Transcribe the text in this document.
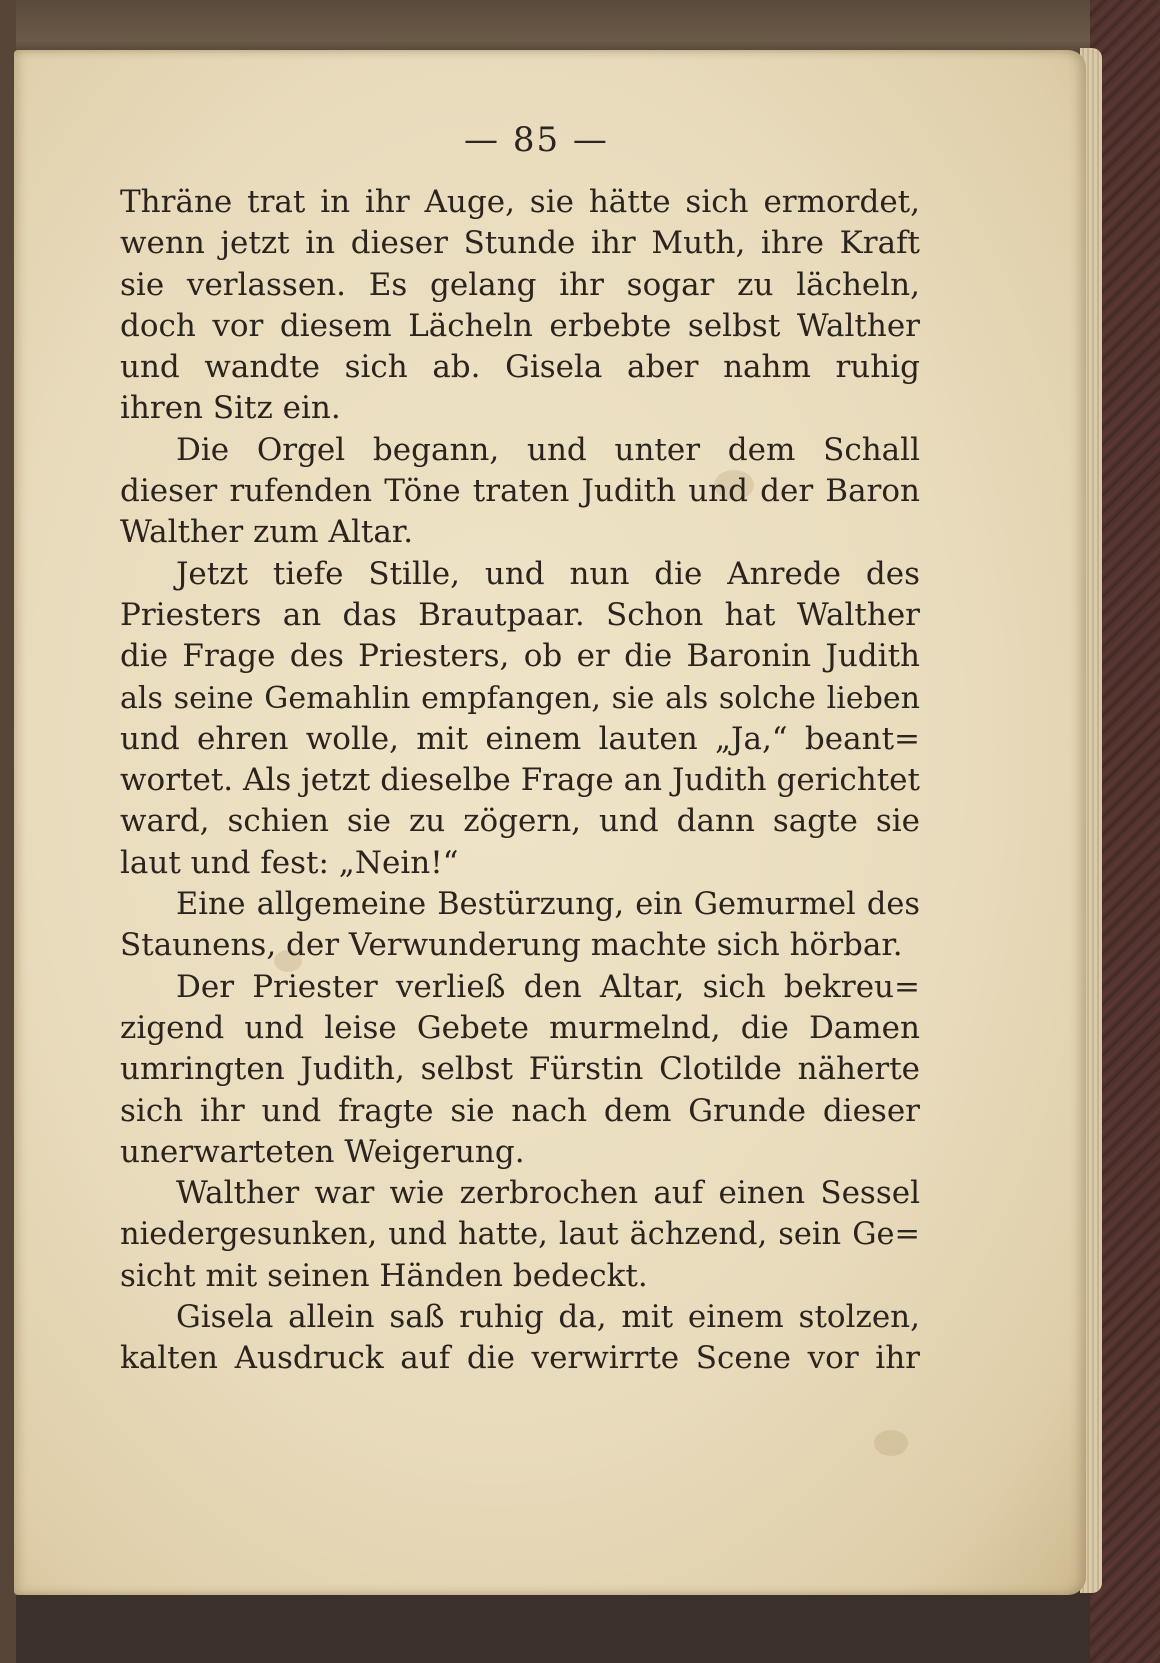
— 85 —
Thräne trat in ihr Auge, sie hätte sich ermordet,
wenn jetzt in dieser Stunde ihr Muth, ihre Kraft
sie verlassen. Es gelang ihr sogar zu lächeln,
doch vor diesem Lächeln erbebte selbst Walther
und wandte sich ab. Gisela aber nahm ruhig
ihren Sitz ein.
Die Orgel begann, und unter dem Schall
dieser rufenden Töne traten Judith und der Baron
Walther zum Altar.
Jetzt tiefe Stille, und nun die Anrede des
Priesters an das Brautpaar. Schon hat Walther
die Frage des Priesters, ob er die Baronin Judith
als seine Gemahlin empfangen, sie als solche lieben
und ehren wolle, mit einem lauten „Ja,“ beant=
wortet. Als jetzt dieselbe Frage an Judith gerichtet
ward, schien sie zu zögern, und dann sagte sie
laut und fest: „Nein!“
Eine allgemeine Bestürzung, ein Gemurmel des
Staunens, der Verwunderung machte sich hörbar.
Der Priester verließ den Altar, sich bekreu=
zigend und leise Gebete murmelnd, die Damen
umringten Judith, selbst Fürstin Clotilde näherte
sich ihr und fragte sie nach dem Grunde dieser
unerwarteten Weigerung.
Walther war wie zerbrochen auf einen Sessel
niedergesunken, und hatte, laut ächzend, sein Ge=
sicht mit seinen Händen bedeckt.
Gisela allein saß ruhig da, mit einem stolzen,
kalten Ausdruck auf die verwirrte Scene vor ihr
